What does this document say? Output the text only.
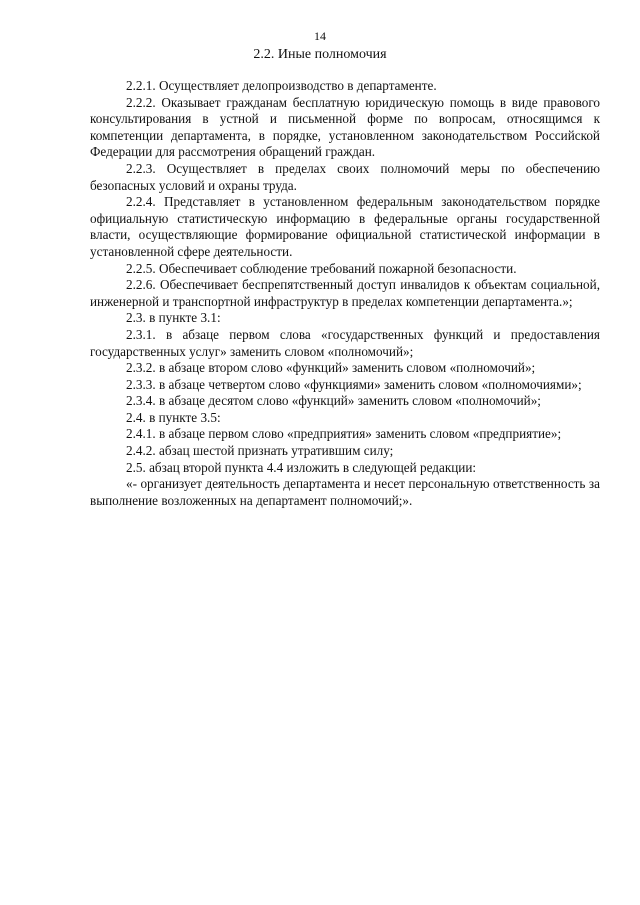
14
2.2. Иные полномочия

2.2.1. Осуществляет делопроизводство в департаменте.

2.2.2. Оказывает гражданам бесплатную юридическую помощь в виде правового консультирования в устной и письменной форме по вопросам, относящимся к компетенции департамента, в порядке, установленном законодательством Российской Федерации для рассмотрения обращений граждан.

2.2.3. Осуществляет в пределах своих полномочий меры по обеспечению безопасных условий и охраны труда.

2.2.4. Представляет в установленном федеральным законодательством порядке официальную статистическую информацию в федеральные органы государственной власти, осуществляющие формирование официальной статистической информации в установленной сфере деятельности.

2.2.5. Обеспечивает соблюдение требований пожарной безопасности.

2.2.6. Обеспечивает беспрепятственный доступ инвалидов к объектам социальной, инженерной и транспортной инфраструктур в пределах компетенции департамента.»;

2.3. в пункте 3.1:

2.3.1. в абзаце первом слова «государственных функций и предоставления государственных услуг» заменить словом «полномочий»;

2.3.2. в абзаце втором слово «функций» заменить словом «полномочий»;

2.3.3. в абзаце четвертом слово «функциями» заменить словом «полномочиями»;

2.3.4. в абзаце десятом слово «функций» заменить словом «полномочий»;

2.4. в пункте 3.5:

2.4.1. в абзаце первом слово «предприятия» заменить словом «предприятие»;

2.4.2. абзац шестой признать утратившим силу;

2.5. абзац второй пункта 4.4 изложить в следующей редакции:

«- организует деятельность департамента и несет персональную ответственность за выполнение возложенных на департамент полномочий;».
